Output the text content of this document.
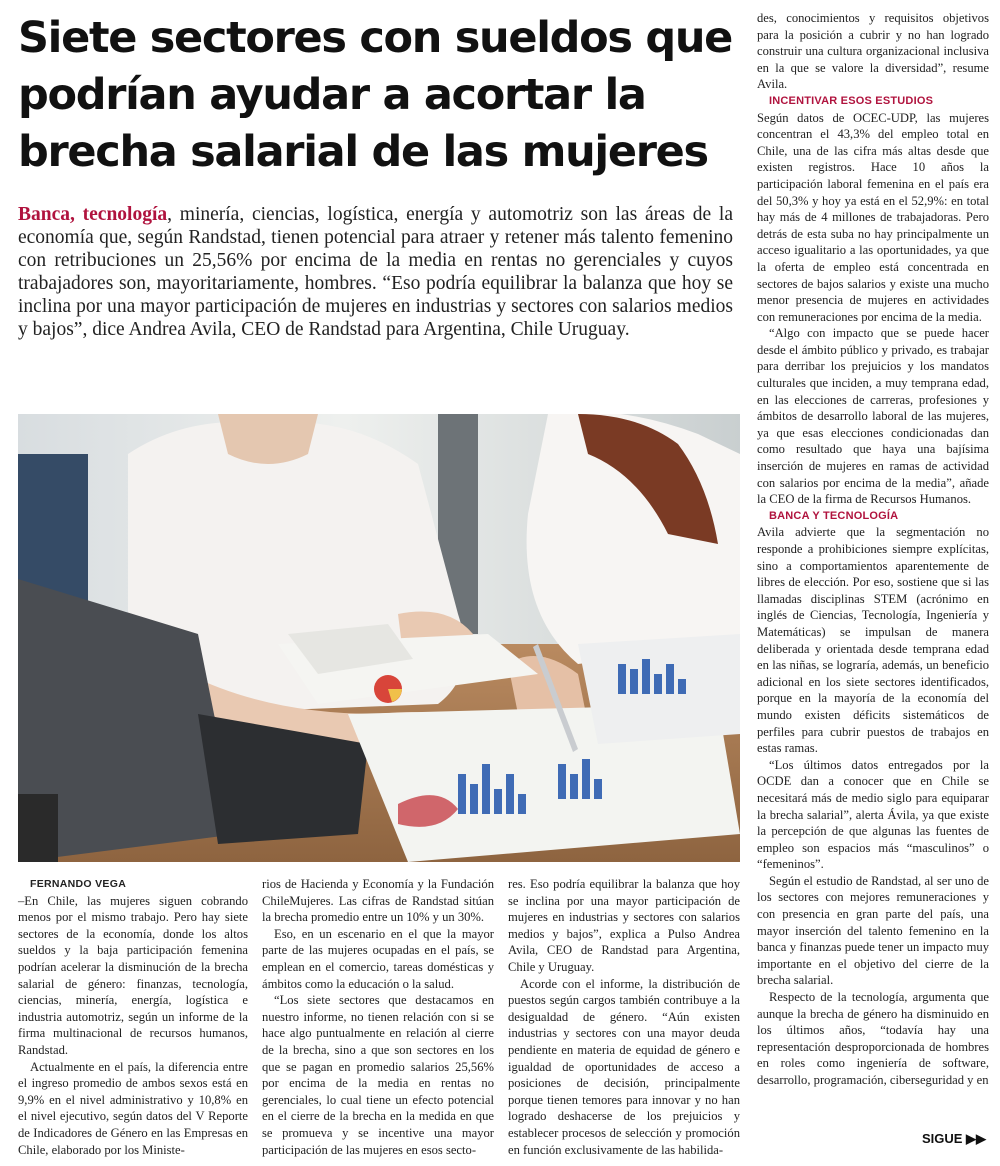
Siete sectores con sueldos que podrían ayudar a acortar la brecha salarial de las mujeres

Banca, tecnología, minería, ciencias, logística, energía y automotriz son las áreas de la economía que, según Randstad, tienen potencial para atraer y retener más talento femenino con retribuciones un 25,56% por encima de la media en rentas no gerenciales y cuyos trabajadores son, mayoritariamente, hombres. “Eso podría equilibrar la balanza que hoy se inclina por una mayor participación de mujeres en industrias y sectores con salarios medios y bajos”, dice Andrea Avila, CEO de Randstad para Argentina, Chile Uruguay.

FERNANDO VEGA

–En Chile, las mujeres siguen cobrando menos por el mismo trabajo. Pero hay siete sectores de la economía, donde los altos sueldos y la baja participación femenina podrían acelerar la disminución de la brecha salarial de género: finanzas, tecnología, ciencias, minería, energía, logística e industria automotriz, según un informe de la firma multinacional de recursos humanos, Randstad.

Actualmente en el país, la diferencia entre el ingreso promedio de ambos sexos está en 9,9% en el nivel administrativo y 10,8% en el nivel ejecutivo, según datos del V Reporte de Indicadores de Género en las Empresas en Chile, elaborado por los Ministe-

rios de Hacienda y Economía y la Fundación ChileMujeres. Las cifras de Randstad sitúan la brecha promedio entre un 10% y un 30%.

Eso, en un escenario en el que la mayor parte de las mujeres ocupadas en el país, se emplean en el comercio, tareas domésticas y ámbitos como la educación o la salud.

“Los siete sectores que destacamos en nuestro informe, no tienen relación con si se hace algo puntualmente en relación al cierre de la brecha, sino a que son sectores en los que se pagan en promedio salarios 25,56% por encima de la media en rentas no gerenciales, lo cual tiene un efecto potencial en el cierre de la brecha en la medida en que se promueva y se incentive una mayor participación de las mujeres en esos secto-

res. Eso podría equilibrar la balanza que hoy se inclina por una mayor participación de mujeres en industrias y sectores con salarios medios y bajos”, explica a Pulso Andrea Avila, CEO de Randstad para Argentina, Chile y Uruguay.

Acorde con el informe, la distribución de puestos según cargos también contribuye a la desigualdad de género. “Aún existen industrias y sectores con una mayor deuda pendiente en materia de equidad de género e igualdad de oportunidades de acceso a posiciones de decisión, principalmente porque tienen temores para innovar y no han logrado deshacerse de los prejuicios y establecer procesos de selección y promoción en función exclusivamente de las habilida-

des, conocimientos y requisitos objetivos para la posición a cubrir y no han logrado construir una cultura organizacional inclusiva en la que se valore la diversidad”, resume Avila.

INCENTIVAR ESOS ESTUDIOS

Según datos de OCEC-UDP, las mujeres concentran el 43,3% del empleo total en Chile, una de las cifra más altas desde que existen registros. Hace 10 años la participación laboral femenina en el país era del 50,3% y hoy ya está en el 52,9%: en total hay más de 4 millones de trabajadoras. Pero detrás de esta suba no hay principalmente un acceso igualitario a las oportunidades, ya que la oferta de empleo está concentrada en sectores de bajos salarios y existe una mucho menor presencia de mujeres en actividades con remuneraciones por encima de la media.

“Algo con impacto que se puede hacer desde el ámbito público y privado, es trabajar para derribar los prejuicios y los mandatos culturales que inciden, a muy temprana edad, en las elecciones de carreras, profesiones y ámbitos de desarrollo laboral de las mujeres, ya que esas elecciones condicionadas dan como resultado que haya una bajísima inserción de mujeres en ramas de actividad con salarios por encima de la media”, añade la CEO de la firma de Recursos Humanos.

BANCA Y TECNOLOGÍA

Avila advierte que la segmentación no responde a prohibiciones siempre explícitas, sino a comportamientos aparentemente de libres de elección. Por eso, sostiene que si las llamadas disciplinas STEM (acrónimo en inglés de Ciencias, Tecnología, Ingeniería y Matemáticas) se impulsan de manera deliberada y orientada desde temprana edad en las niñas, se lograría, además, un beneficio adicional en los siete sectores identificados, porque en la mayoría de la economía del mundo existen déficits sistemáticos de perfiles para cubrir puestos de trabajos en estas ramas.

“Los últimos datos entregados por la OCDE dan a conocer que en Chile se necesitará más de medio siglo para equiparar la brecha salarial”, alerta Ávila, ya que existe la percepción de que algunas las fuentes de empleo son espacios más “masculinos” o “femeninos”.

Según el estudio de Randstad, al ser uno de los sectores con mejores remuneraciones y con presencia en gran parte del país, una mayor inserción del talento femenino en la banca y finanzas puede tener un impacto muy importante en el objetivo del cierre de la brecha salarial.

Respecto de la tecnología, argumenta que aunque la brecha de género ha disminuido en los últimos años, “todavía hay una representación desproporcionada de hombres en roles como ingeniería de software, desarrollo, programación, ciberseguridad y en

SIGUE ▶▶
